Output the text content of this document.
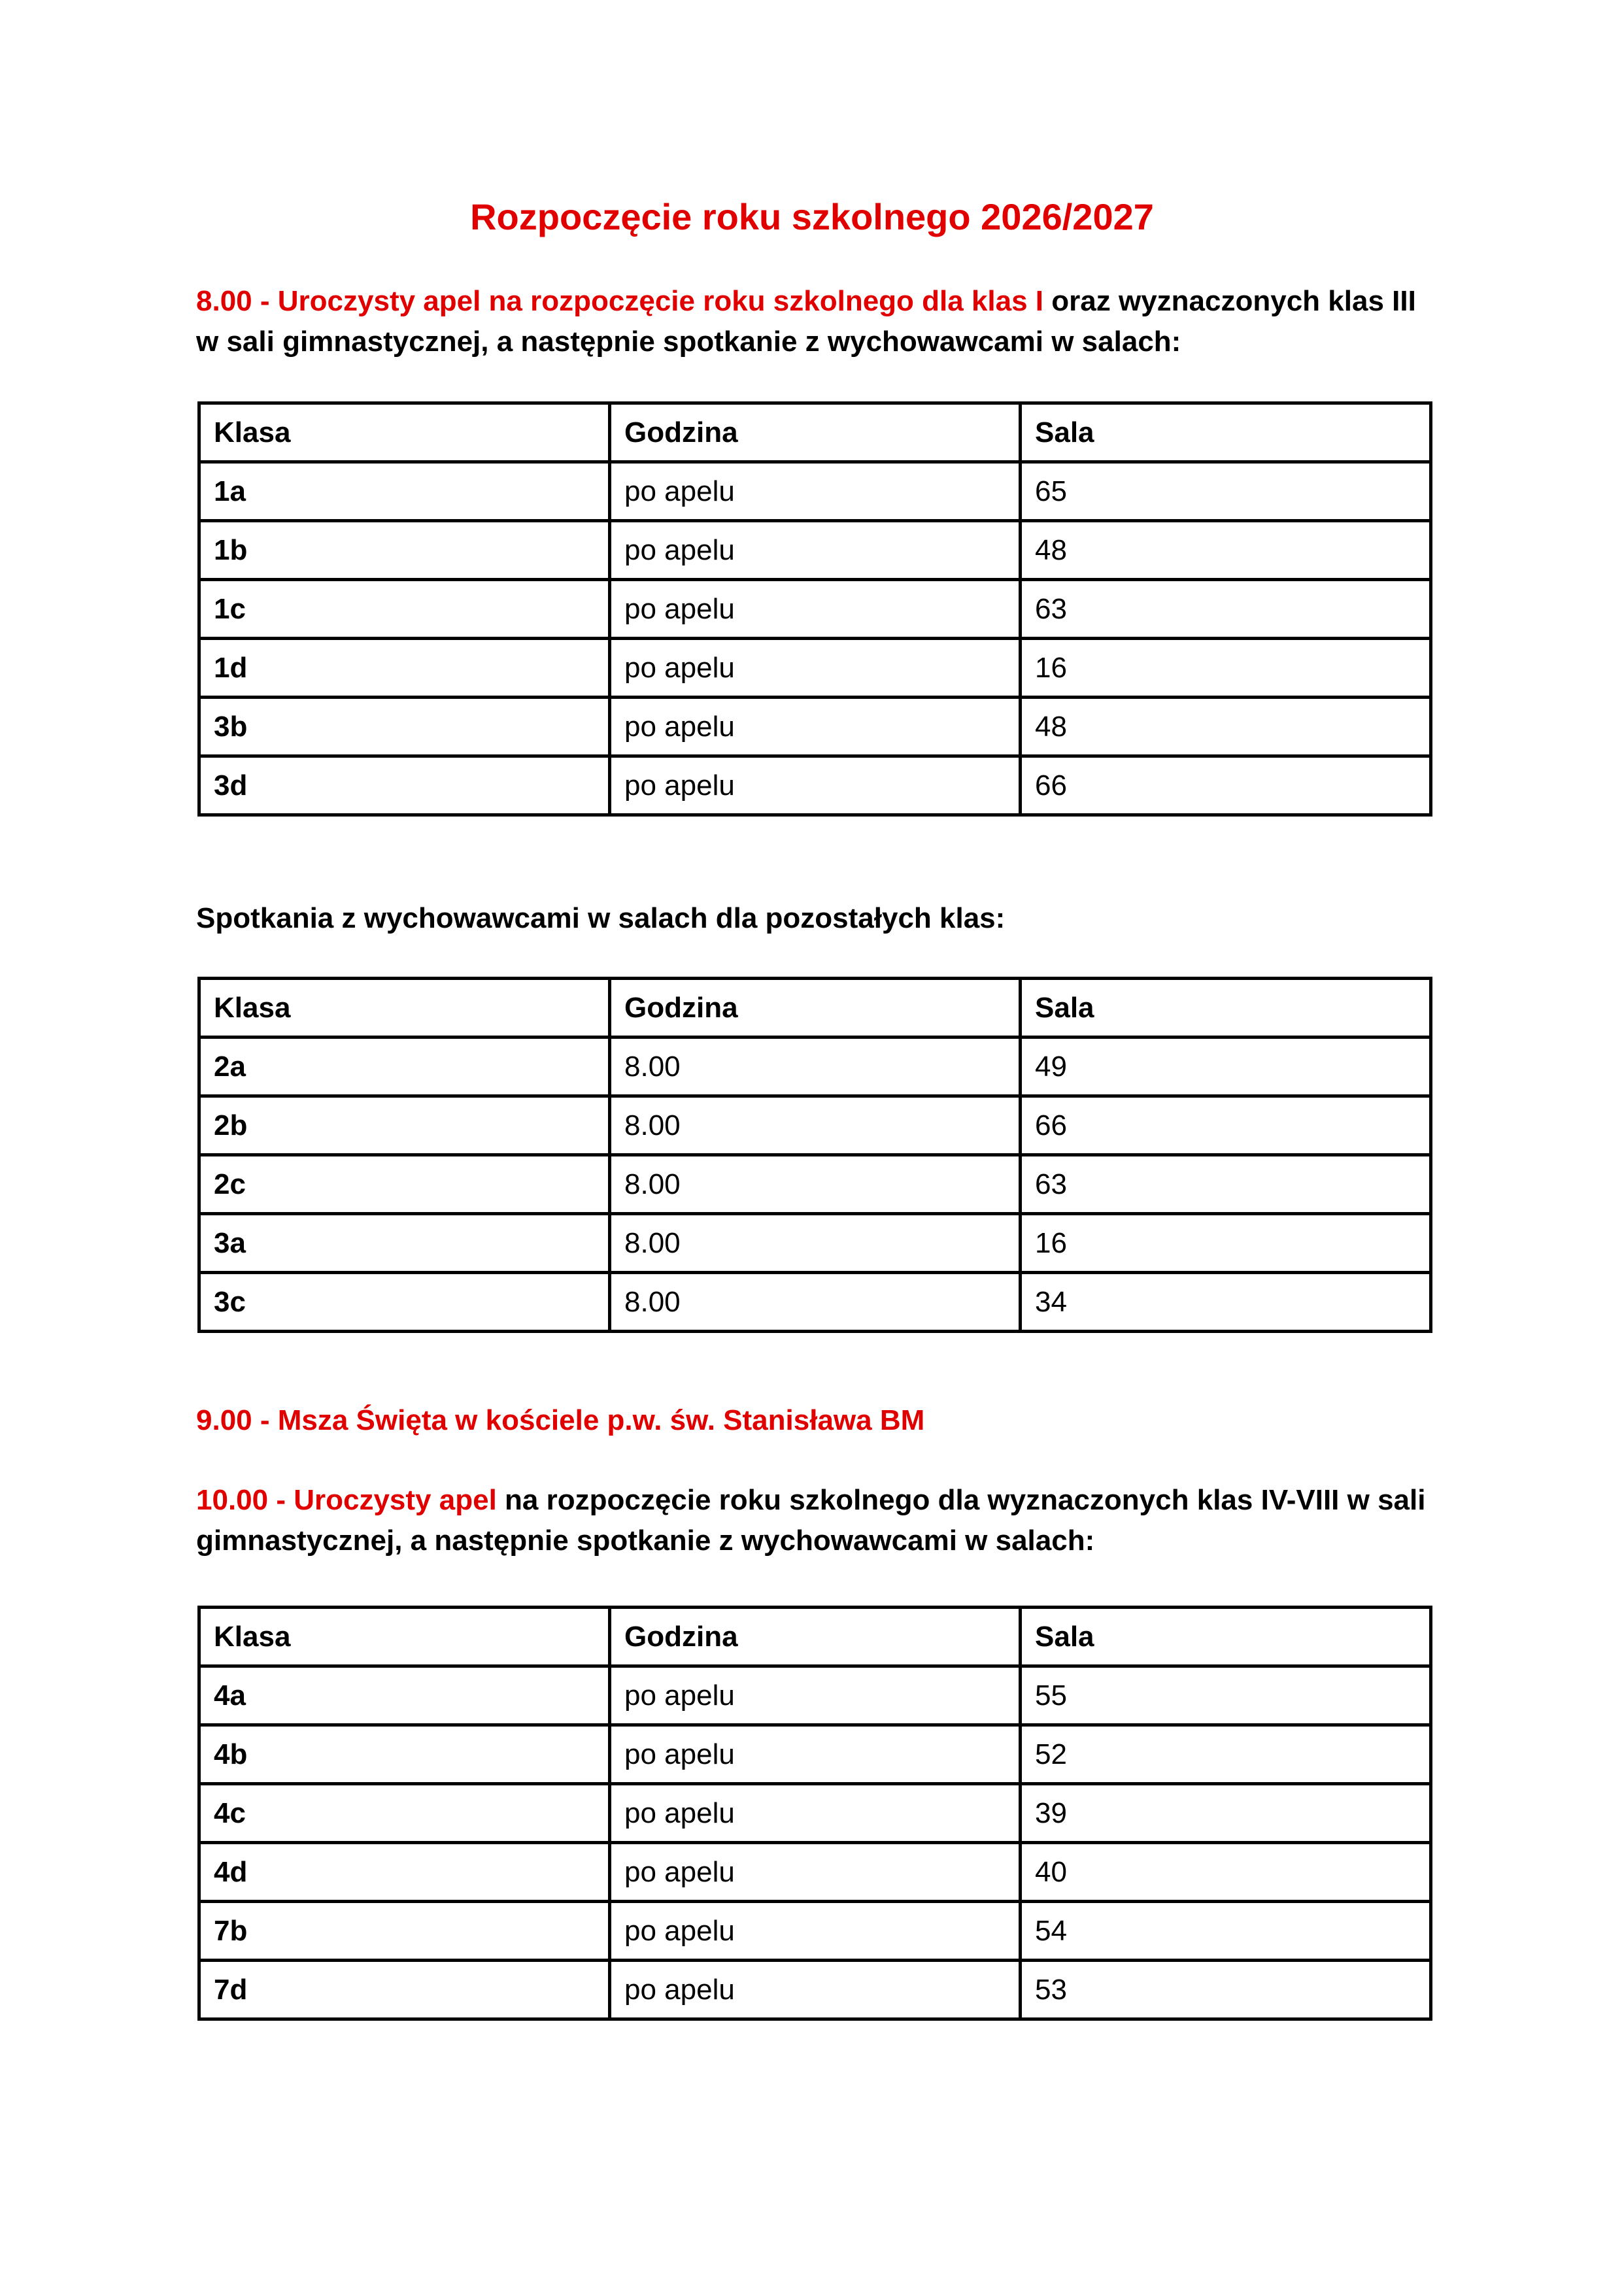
Rozpoczęcie roku szkolnego 2026/2027

8.00 - Uroczysty apel na rozpoczęcie roku szkolnego dla klas I oraz wyznaczonych klas III w sali gimnastycznej, a następnie spotkanie z wychowawcami w salach:

Klasa	Godzina	Sala
1a	po apelu	65
1b	po apelu	48
1c	po apelu	63
1d	po apelu	16
3b	po apelu	48
3d	po apelu	66

Spotkania z wychowawcami w salach dla pozostałych klas:

Klasa	Godzina	Sala
2a	8.00	49
2b	8.00	66
2c	8.00	63
3a	8.00	16
3c	8.00	34

9.00 - Msza Święta w kościele p.w. św. Stanisława BM

10.00 - Uroczysty apel na rozpoczęcie roku szkolnego dla wyznaczonych klas IV-VIII w sali gimnastycznej, a następnie spotkanie z wychowawcami w salach:

Klasa	Godzina	Sala
4a	po apelu	55
4b	po apelu	52
4c	po apelu	39
4d	po apelu	40
7b	po apelu	54
7d	po apelu	53
